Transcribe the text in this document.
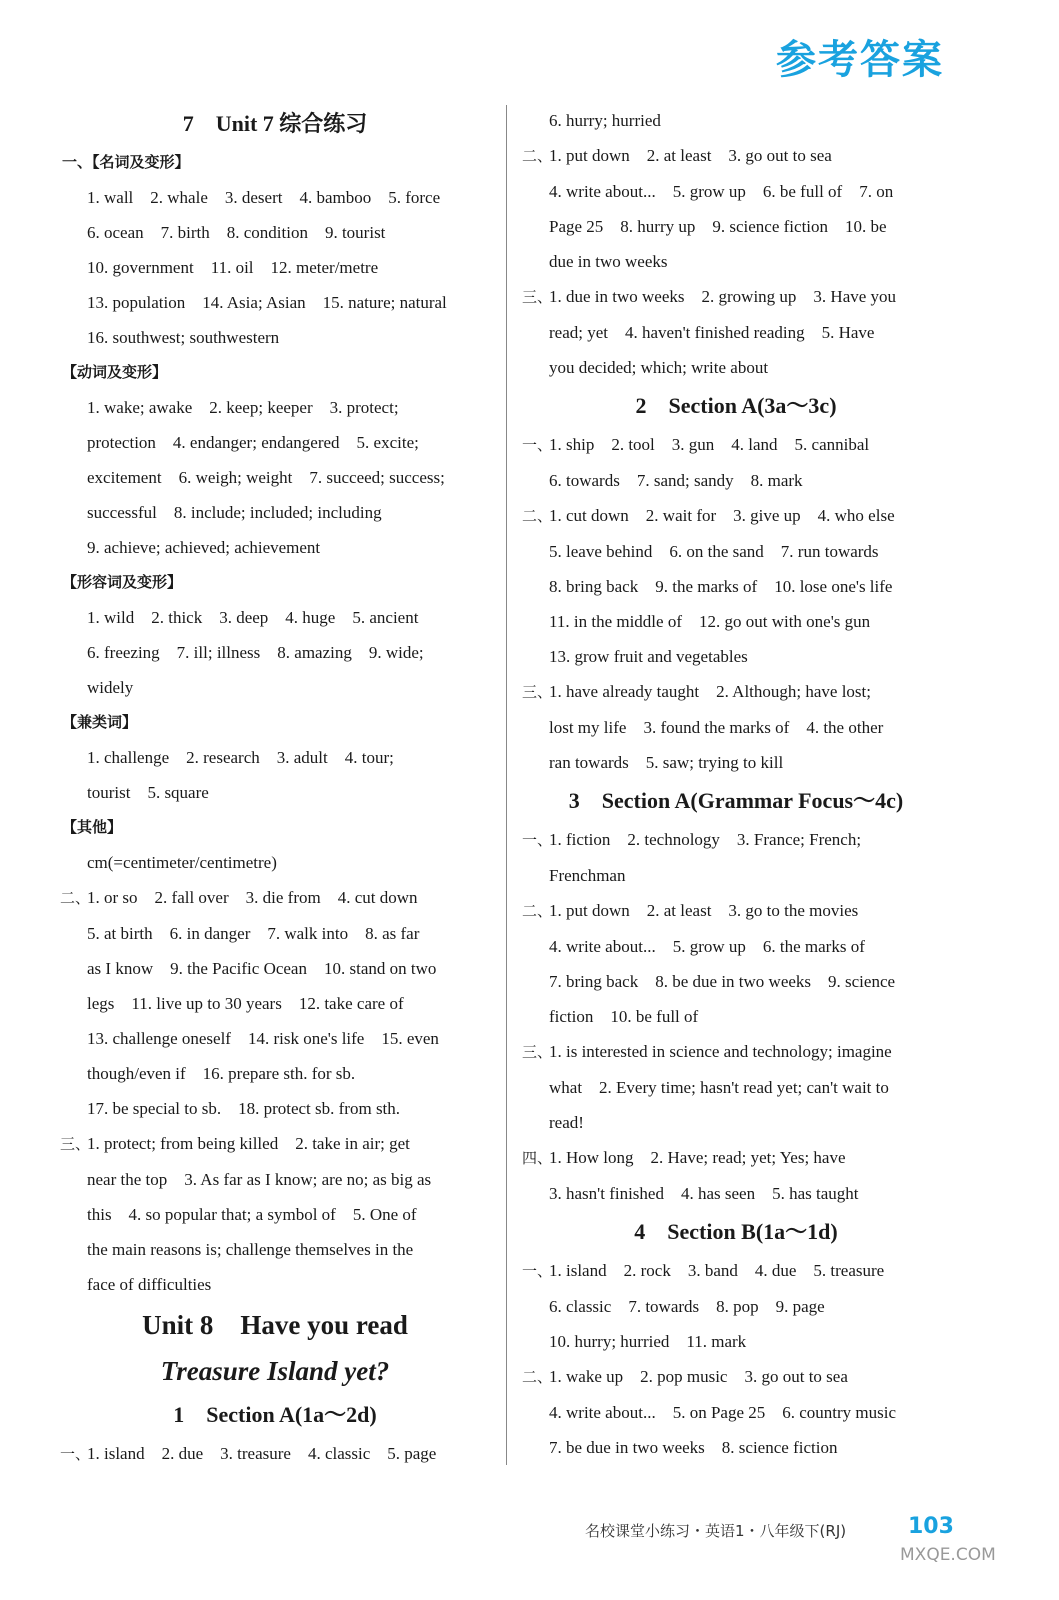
参考答案
7　Unit 7 综合练习
一、【名词及变形】
1. wall　2. whale　3. desert　4. bamboo　5. force
6. ocean　7. birth　8. condition　9. tourist
10. government　11. oil　12. meter/metre
13. population　14. Asia; Asian　15. nature; natural
16. southwest; southwestern
【动词及变形】
1. wake; awake　2. keep; keeper　3. protect;
protection　4. endanger; endangered　5. excite;
excitement　6. weigh; weight　7. succeed; success;
successful　8. include; included; including
9. achieve; achieved; achievement
【形容词及变形】
1. wild　2. thick　3. deep　4. huge　5. ancient
6. freezing　7. ill; illness　8. amazing　9. wide;
widely
【兼类词】
1. challenge　2. research　3. adult　4. tour;
tourist　5. square
【其他】
cm(=centimeter/centimetre)
二、1. or so　2. fall over　3. die from　4. cut down
5. at birth　6. in danger　7. walk into　8. as far
as I know　9. the Pacific Ocean　10. stand on two
legs　11. live up to 30 years　12. take care of
13. challenge oneself　14. risk one's life　15. even
though/even if　16. prepare sth. for sb.
17. be special to sb.　18. protect sb. from sth.
三、1. protect; from being killed　2. take in air; get
near the top　3. As far as I know; are no; as big as
this　4. so popular that; a symbol of　5. One of
the main reasons is; challenge themselves in the
face of difficulties
Unit 8　Have you read
Treasure Island yet?
1　Section A(1a～2d)
一、1. island　2. due　3. treasure　4. classic　5. page
6. hurry; hurried
二、1. put down　2. at least　3. go out to sea
4. write about...　5. grow up　6. be full of　7. on
Page 25　8. hurry up　9. science fiction　10. be
due in two weeks
三、1. due in two weeks　2. growing up　3. Have you
read; yet　4. haven't finished reading　5. Have
you decided; which; write about
2　Section A(3a～3c)
一、1. ship　2. tool　3. gun　4. land　5. cannibal
6. towards　7. sand; sandy　8. mark
二、1. cut down　2. wait for　3. give up　4. who else
5. leave behind　6. on the sand　7. run towards
8. bring back　9. the marks of　10. lose one's life
11. in the middle of　12. go out with one's gun
13. grow fruit and vegetables
三、1. have already taught　2. Although; have lost;
lost my life　3. found the marks of　4. the other
ran towards　5. saw; trying to kill
3　Section A(Grammar Focus～4c)
一、1. fiction　2. technology　3. France; French;
Frenchman
二、1. put down　2. at least　3. go to the movies
4. write about...　5. grow up　6. the marks of
7. bring back　8. be due in two weeks　9. science
fiction　10. be full of
三、1. is interested in science and technology; imagine
what　2. Every time; hasn't read yet; can't wait to
read!
四、1. How long　2. Have; read; yet; Yes; have
3. hasn't finished　4. has seen　5. has taught
4　Section B(1a～1d)
一、1. island　2. rock　3. band　4. due　5. treasure
6. classic　7. towards　8. pop　9. page
10. hurry; hurried　11. mark
二、1. wake up　2. pop music　3. go out to sea
4. write about...　5. on Page 25　6. country music
7. be due in two weeks　8. science fiction
名校课堂小练习・英语1・八年级下(RJ)	103
MXQE.COM
